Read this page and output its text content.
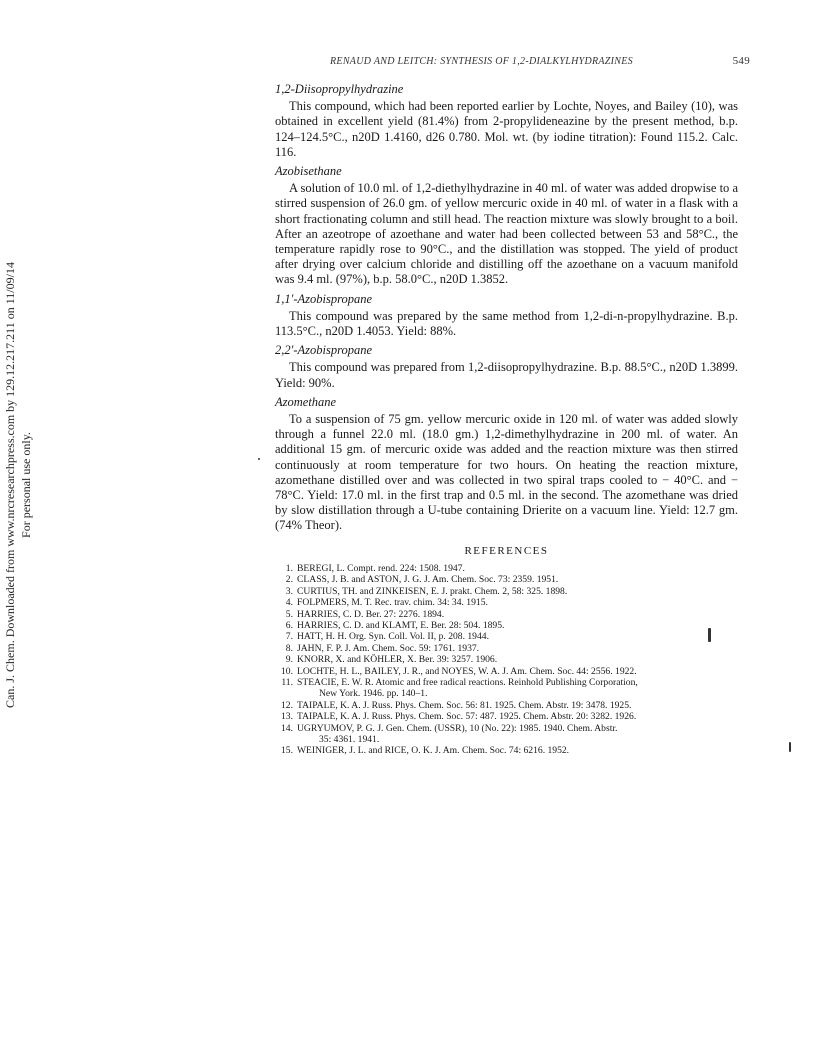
Can. J. Chem. Downloaded from www.nrcresearchpress.com by 129.12.217.211 on 11/09/14 For personal use only.
RENAUD AND LEITCH: SYNTHESIS OF 1,2-DIALKYLHYDRAZINES	549
1,2-Diisopropylhydrazine

This compound, which had been reported earlier by Lochte, Noyes, and Bailey (10), was obtained in excellent yield (81.4%) from 2-propylideneazine by the present method, b.p. 124–124.5°C., n20D 1.4160, d26 0.780. Mol. wt. (by iodine titration): Found 115.2. Calc. 116.

Azobisethane

A solution of 10.0 ml. of 1,2-diethylhydrazine in 40 ml. of water was added dropwise to a stirred suspension of 26.0 gm. of yellow mercuric oxide in 40 ml. of water in a flask with a short fractionating column and still head. The reaction mixture was slowly brought to a boil. After an azeotrope of azoethane and water had been collected between 53 and 58°C., the temperature rapidly rose to 90°C., and the distillation was stopped. The yield of product after drying over calcium chloride and distilling off the azoethane on a vacuum manifold was 9.4 ml. (97%), b.p. 58.0°C., n20D 1.3852.

1,1′-Azobispropane

This compound was prepared by the same method from 1,2-di-n-propylhydrazine. B.p. 113.5°C., n20D 1.4053. Yield: 88%.

2,2′-Azobispropane

This compound was prepared from 1,2-diisopropylhydrazine. B.p. 88.5°C., n20D 1.3899. Yield: 90%.

Azomethane

To a suspension of 75 gm. yellow mercuric oxide in 120 ml. of water was added slowly through a funnel 22.0 ml. (18.0 gm.) 1,2-dimethylhydrazine in 200 ml. of water. An additional 15 gm. of mercuric oxide was added and the reaction mixture was then stirred continuously at room temperature for two hours. On heating the reaction mixture, azomethane distilled over and was collected in two spiral traps cooled to − 40°C. and − 78°C. Yield: 17.0 ml. in the first trap and 0.5 ml. in the second. The azomethane was dried by slow distillation through a U-tube containing Drierite on a vacuum line. Yield: 12.7 gm. (74% Theor).

REFERENCES
1. BEREGI, L. Compt. rend. 224: 1508. 1947.
2. CLASS, J. B. and ASTON, J. G. J. Am. Chem. Soc. 73: 2359. 1951.
3. CURTIUS, TH. and ZINKEISEN, E. J. prakt. Chem. 2, 58: 325. 1898.
4. FOLPMERS, M. T. Rec. trav. chim. 34: 34. 1915.
5. HARRIES, C. D. Ber. 27: 2276. 1894.
6. HARRIES, C. D. and KLAMT, E. Ber. 28: 504. 1895.
7. HATT, H. H. Org. Syn. Coll. Vol. II, p. 208. 1944.
8. JAHN, F. P. J. Am. Chem. Soc. 59: 1761. 1937.
9. KNORR, X. and KÖHLER, X. Ber. 39: 3257. 1906.
10. LOCHTE, H. L., BAILEY, J. R., and NOYES, W. A. J. Am. Chem. Soc. 44: 2556. 1922.
11. STEACIE, E. W. R. Atomic and free radical reactions. Reinhold Publishing Corporation,
New York. 1946. pp. 140–1.
12. TAIPALE, K. A. J. Russ. Phys. Chem. Soc. 56: 81. 1925. Chem. Abstr. 19: 3478. 1925.
13. TAIPALE, K. A. J. Russ. Phys. Chem. Soc. 57: 487. 1925. Chem. Abstr. 20: 3282. 1926.
14. UGRYUMOV, P. G. J. Gen. Chem. (USSR), 10 (No. 22): 1985. 1940. Chem. Abstr.
35: 4361. 1941.
15. WEINIGER, J. L. and RICE, O. K. J. Am. Chem. Soc. 74: 6216. 1952.
